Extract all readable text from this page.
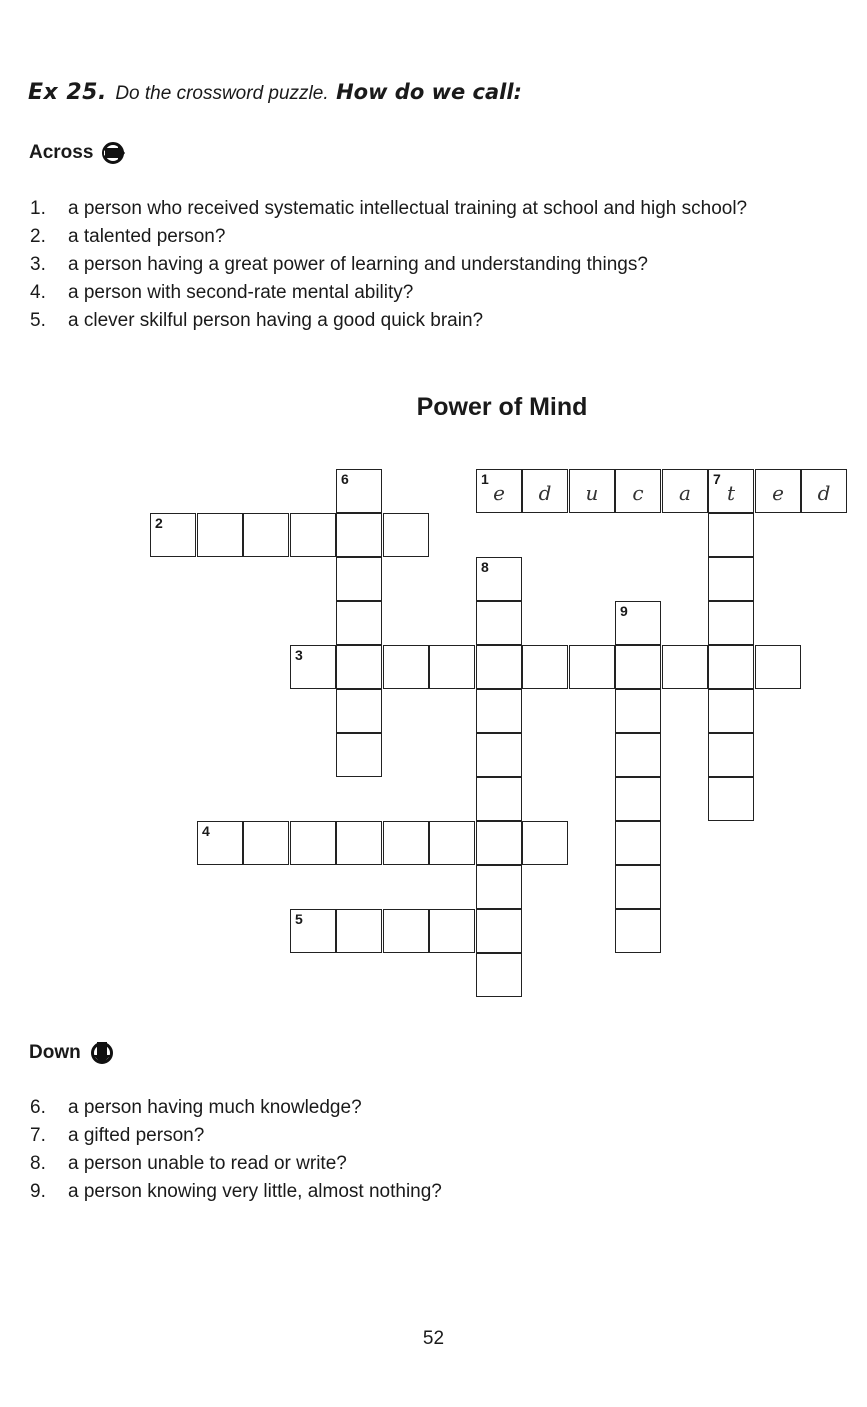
Ex 25. Do the crossword puzzle. How do we call:
Across
1. a person who received systematic intellectual training at school and high school?
2. a talented person?
3. a person having a great power of learning and understanding things?
4. a person with second-rate mental ability?
5. a clever skilful person having a good quick brain?
Power of Mind
1
e	d	u	c	a
7
t	e	d
2
3
4
5
6
8
9
Down
6. a person having much knowledge?
7. a gifted person?
8. a person unable to read or write?
9. a person knowing very little, almost nothing?
52
